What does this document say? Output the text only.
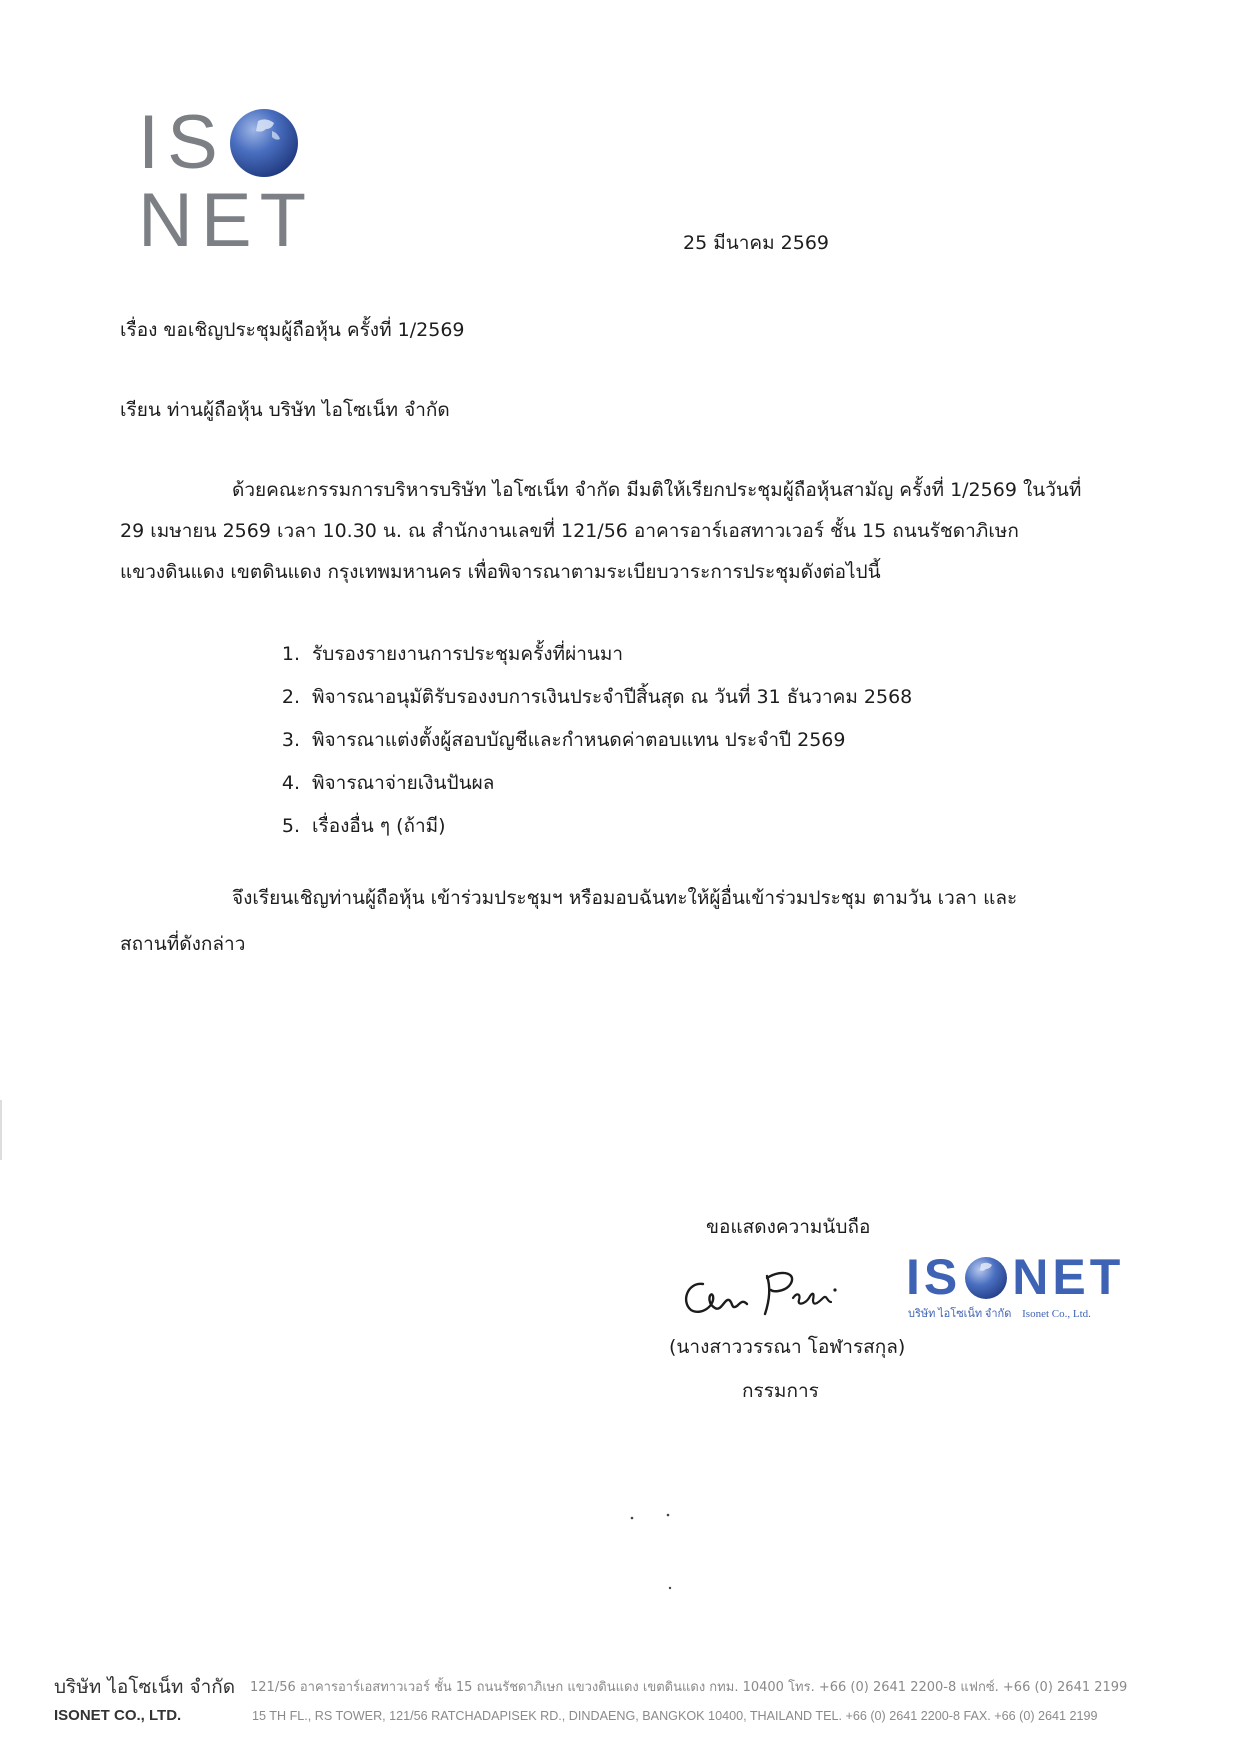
ISNET	25 มีนาคม 2569
เรื่อง ขอเชิญประชุมผู้ถือหุ้น ครั้งที่ 1/2569
เรียน ท่านผู้ถือหุ้น บริษัท ไอโซเน็ท จำกัด
ด้วยคณะกรรมการบริหารบริษัท ไอโซเน็ท จำกัด มีมติให้เรียกประชุมผู้ถือหุ้นสามัญ ครั้งที่ 1/2569 ในวันที่
29 เมษายน 2569 เวลา 10.30 น. ณ สำนักงานเลขที่ 121/56 อาคารอาร์เอสทาวเวอร์ ชั้น 15 ถนนรัชดาภิเษก
แขวงดินแดง เขตดินแดง กรุงเทพมหานคร เพื่อพิจารณาตามระเบียบวาระการประชุมดังต่อไปนี้
1. รับรองรายงานการประชุมครั้งที่ผ่านมา
2. พิจารณาอนุมัติรับรองงบการเงินประจำปีสิ้นสุด ณ วันที่ 31 ธันวาคม 2568
3. พิจารณาแต่งตั้งผู้สอบบัญชีและกำหนดค่าตอบแทน ประจำปี 2569
4. พิจารณาจ่ายเงินปันผล
5. เรื่องอื่น ๆ (ถ้ามี)
จึงเรียนเชิญท่านผู้ถือหุ้น เข้าร่วมประชุมฯ หรือมอบฉันทะให้ผู้อื่นเข้าร่วมประชุม ตามวัน เวลา และ
สถานที่ดังกล่าว
ขอแสดงความนับถือ
IS NET
บริษัท ไอโซเน็ท จำกัด Isonet Co., Ltd.
(นางสาววรรณา โอฬารสกุล)
กรรมการ
บริษัท ไอโซเน็ท จำกัด 121/56 อาคารอาร์เอสทาวเวอร์ ชั้น 15 ถนนรัชดาภิเษก แขวงดินแดง เขตดินแดง กทม. 10400 โทร. +66 (0) 2641 2200-8 แฟกซ์. +66 (0) 2641 2199
ISONET CO., LTD.	15 TH FL., RS TOWER, 121/56 RATCHADAPISEK RD., DINDAENG, BANGKOK 10400, THAILAND TEL. +66 (0) 2641 2200-8 FAX. +66 (0) 2641 2199
